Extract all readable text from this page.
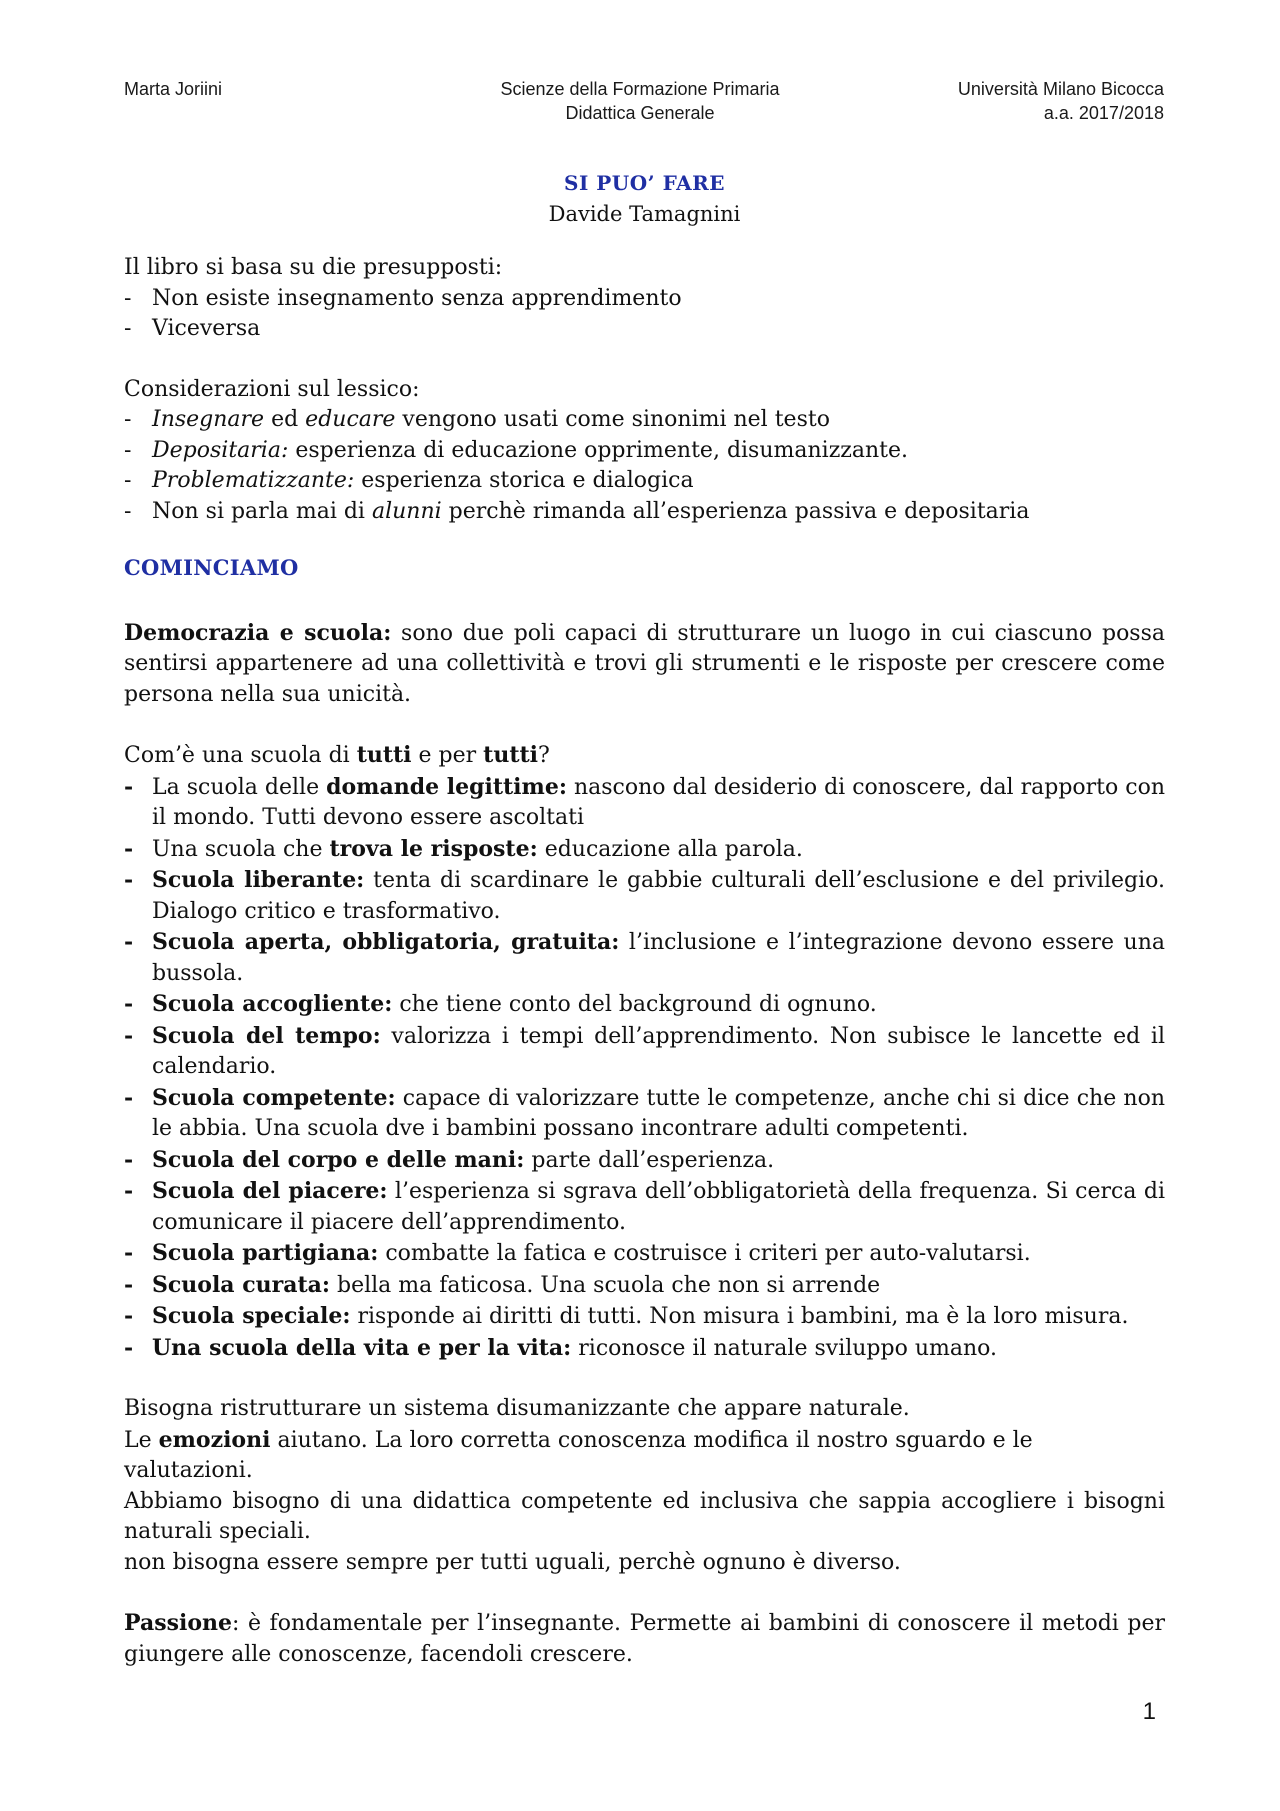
Marta Joriini	Scienze della Formazione Primaria
Didattica Generale
Università Milano Bicocca
a.a. 2017/2018
SI PUO’ FARE
Davide Tamagnini

Il libro si basa su die presupposti:

- Non esiste insegnamento senza apprendimento
- Viceversa

Considerazioni sul lessico:

- Insegnare ed educare vengono usati come sinonimi nel testo
- Depositaria: esperienza di educazione opprimente, disumanizzante.
- Problematizzante: esperienza storica e dialogica
- Non si parla mai di alunni perchè rimanda all’esperienza passiva e depositaria

COMINCIAMO

Democrazia e scuola: sono due poli capaci di strutturare un luogo in cui ciascuno possa sentirsi appartenere ad una collettività e trovi gli strumenti e le risposte per crescere come persona nella sua unicità.

Com’è una scuola di tutti e per tutti?

- La scuola delle domande legittime: nascono dal desiderio di conoscere, dal rapporto con il mondo. Tutti devono essere ascoltati
- Una scuola che trova le risposte: educazione alla parola.
- Scuola liberante: tenta di scardinare le gabbie culturali dell’esclusione e del privilegio. Dialogo critico e trasformativo.
- Scuola aperta, obbligatoria, gratuita: l’inclusione e l’integrazione devono essere una bussola.
- Scuola accogliente: che tiene conto del background di ognuno.
- Scuola del tempo: valorizza i tempi dell’apprendimento. Non subisce le lancette ed il calendario.
- Scuola competente: capace di valorizzare tutte le competenze, anche chi si dice che non le abbia. Una scuola dve i bambini possano incontrare adulti competenti.
- Scuola del corpo e delle mani: parte dall’esperienza.
- Scuola del piacere: l’esperienza si sgrava dell’obbligatorietà della frequenza. Si cerca di comunicare il piacere dell’apprendimento.
- Scuola partigiana: combatte la fatica e costruisce i criteri per auto-valutarsi.
- Scuola curata: bella ma faticosa. Una scuola che non si arrende
- Scuola speciale: risponde ai diritti di tutti. Non misura i bambini, ma è la loro misura.
- Una scuola della vita e per la vita: riconosce il naturale sviluppo umano.

Bisogna ristrutturare un sistema disumanizzante che appare naturale.

Le emozioni aiutano. La loro corretta conoscenza modifica il nostro sguardo e le valutazioni.

Abbiamo bisogno di una didattica competente ed inclusiva che sappia accogliere i bisogni naturali speciali.

non bisogna essere sempre per tutti uguali, perchè ognuno è diverso.

Passione: è fondamentale per l’insegnante. Permette ai bambini di conoscere il metodi per giungere alle conoscenze, facendoli crescere.

1
